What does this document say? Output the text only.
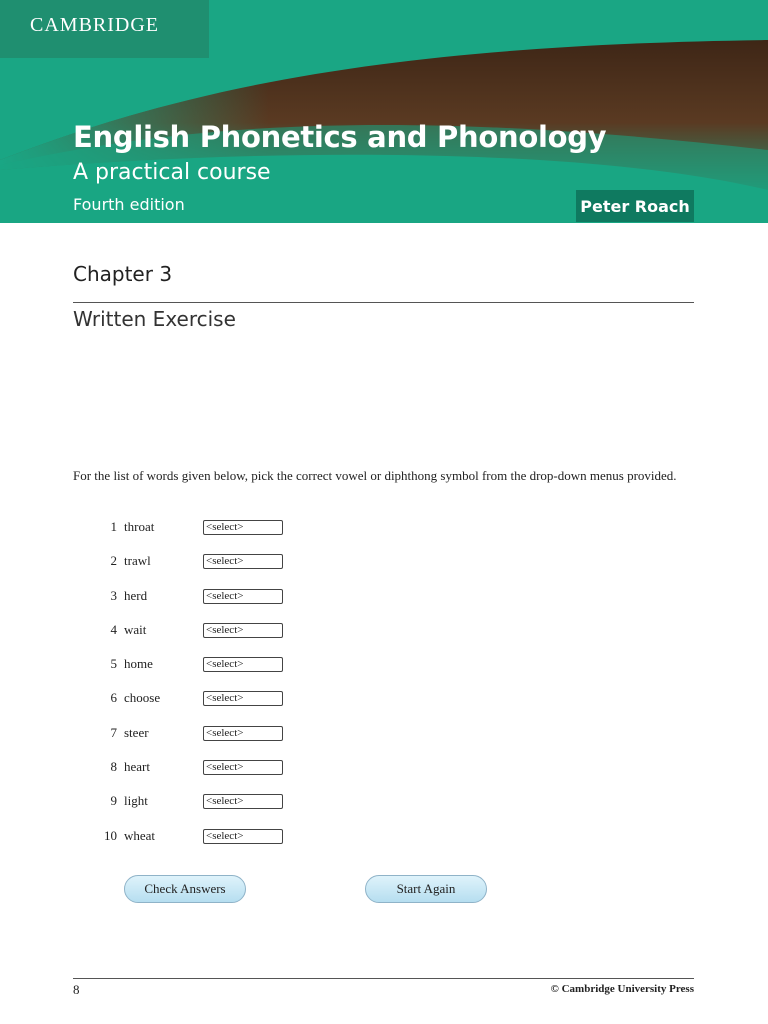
CAMBRIDGE
English Phonetics and Phonology
A practical course
Fourth edition	Peter Roach
Chapter 3
Written Exercise
For the list of words given below, pick the correct vowel or diphthong symbol from the drop-down menus provided.
1 throat	<select>
2 trawl	<select>
3 herd	<select>
4 wait	<select>
5 home	<select>
6 choose	<select>
7 steer	<select>
8 heart	<select>
9 light	<select>
10 wheat	<select>
Check Answers	Start Again
8	© Cambridge University Press
